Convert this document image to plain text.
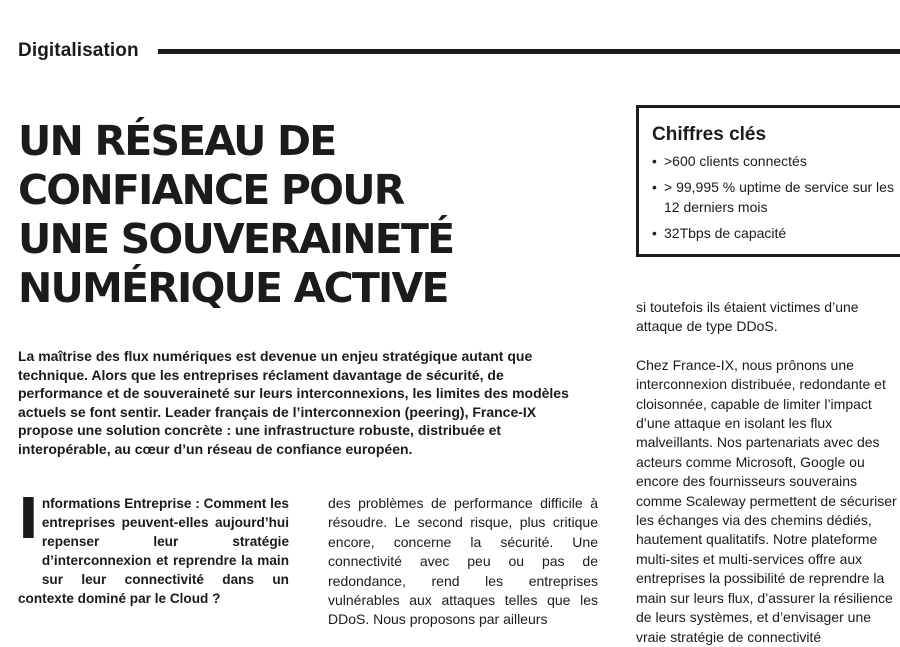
Digitalisation
UN RÉSEAU DE
CONFIANCE POUR
UNE SOUVERAINETÉ
NUMÉRIQUE ACTIVE

La maîtrise des flux numériques est devenue un enjeu stratégique autant que technique. Alors que les entreprises réclament davantage de sécurité, de performance et de souveraineté sur leurs interconnexions, les limites des modèles actuels se font sentir. Leader français de l’interconnexion (peering), France-IX propose une solution concrète : une infrastructure robuste, distribuée et interopérable, au cœur d’un réseau de confiance européen.

I nformations Entreprise : Comment les entreprises peuvent-elles aujourd’hui repenser leur stratégie d’interconnexion et reprendre la main sur leur connectivité dans un contexte dominé par le Cloud ?

des problèmes de performance difficile à résoudre. Le second risque, plus critique encore, concerne la sécurité. Une connectivité avec peu ou pas de redondance, rend les entreprises vulnérables aux attaques telles que les DDoS. Nous proposons par ailleurs

si toutefois ils étaient victimes d’une attaque de type DDoS.

Chez France-IX, nous prônons une interconnexion distribuée, redondante et cloisonnée, capable de limiter l’impact d’une attaque en isolant les flux malveillants. Nos partenariats avec des acteurs comme Microsoft, Google ou encore des fournisseurs souverains comme Scaleway permettent de sécuriser les échanges via des chemins dédiés, hautement qualitatifs. Notre plateforme multi-sites et multi-services offre aux entreprises la possibilité de reprendre la main sur leurs flux, d’assurer la résilience de leurs systèmes, et d’envisager une vraie stratégie de connectivité

Chiffres clés
• >600 clients connectés
• > 99,995 % uptime de service sur les 12 derniers mois
• 32Tbps de capacité
